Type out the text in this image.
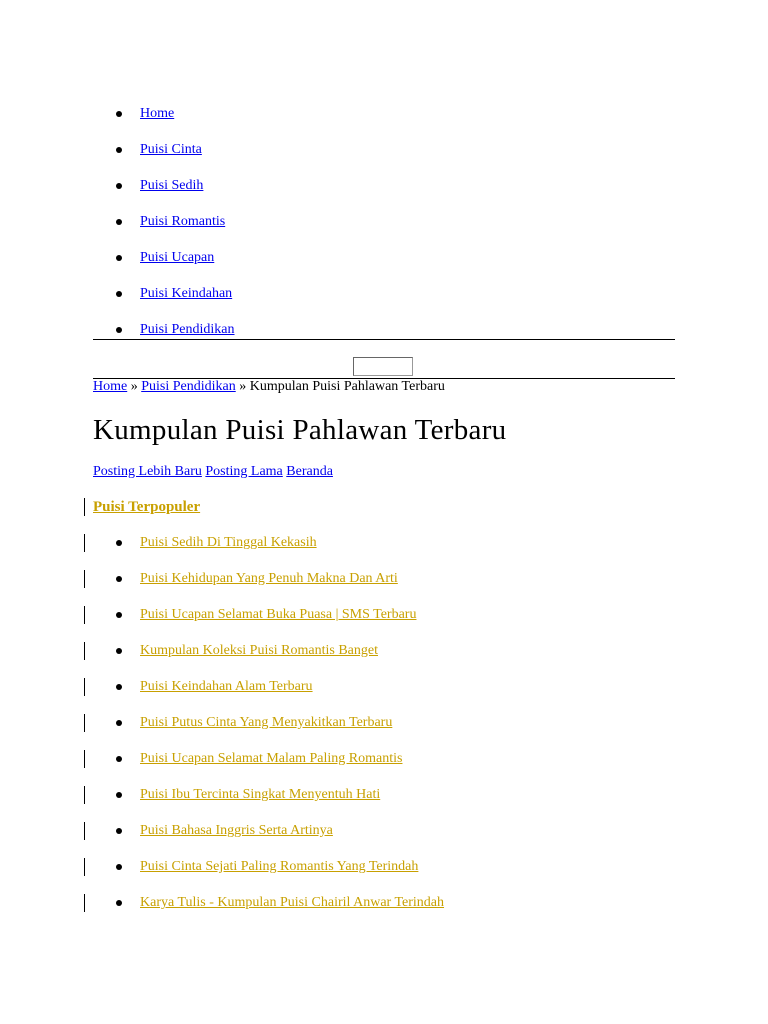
Home
Puisi Cinta
Puisi Sedih
Puisi Romantis
Puisi Ucapan
Puisi Keindahan
Puisi Pendidikan
Home » Puisi Pendidikan » Kumpulan Puisi Pahlawan Terbaru
Kumpulan Puisi Pahlawan Terbaru
Posting Lebih Baru Posting Lama Beranda
Puisi Terpopuler
Puisi Sedih Di Tinggal Kekasih
Puisi Kehidupan Yang Penuh Makna Dan Arti
Puisi Ucapan Selamat Buka Puasa | SMS Terbaru
Kumpulan Koleksi Puisi Romantis Banget
Puisi Keindahan Alam Terbaru
Puisi Putus Cinta Yang Menyakitkan Terbaru
Puisi Ucapan Selamat Malam Paling Romantis
Puisi Ibu Tercinta Singkat Menyentuh Hati
Puisi Bahasa Inggris Serta Artinya
Puisi Cinta Sejati Paling Romantis Yang Terindah
Karya Tulis - Kumpulan Puisi Chairil Anwar Terindah
